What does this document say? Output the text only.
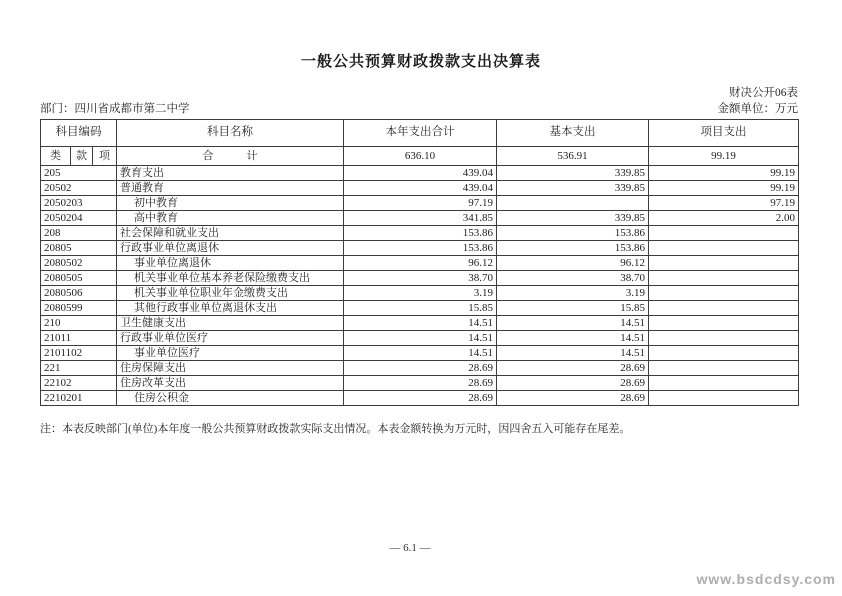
一般公共预算财政拨款支出决算表
财决公开06表
部门：四川省成都市第二中学	金额单位：万元
科目编码			科目名称	本年支出合计	基本支出	项目支出
类	款	项	合　　　计	636.10	536.91	99.19
205			教育支出	439.04	339.85	99.19
20502			普通教育	439.04	339.85	99.19
2050203			初中教育	97.19		97.19
2050204			高中教育	341.85	339.85	2.00
208			社会保障和就业支出	153.86	153.86	
20805			行政事业单位离退休	153.86	153.86	
2080502			事业单位离退休	96.12	96.12	
2080505			机关事业单位基本养老保险缴费支出	38.70	38.70	
2080506			机关事业单位职业年金缴费支出	3.19	3.19	
2080599			其他行政事业单位离退休支出	15.85	15.85	
210			卫生健康支出	14.51	14.51	
21011			行政事业单位医疗	14.51	14.51	
2101102			事业单位医疗	14.51	14.51	
221			住房保障支出	28.69	28.69	
22102			住房改革支出	28.69	28.69	
2210201			住房公积金	28.69	28.69	
注：本表反映部门(单位)本年度一般公共预算财政拨款实际支出情况。本表金额转换为万元时，因四舍五入可能存在尾差。
— 6.1 —
www.bsdcdsy.com
